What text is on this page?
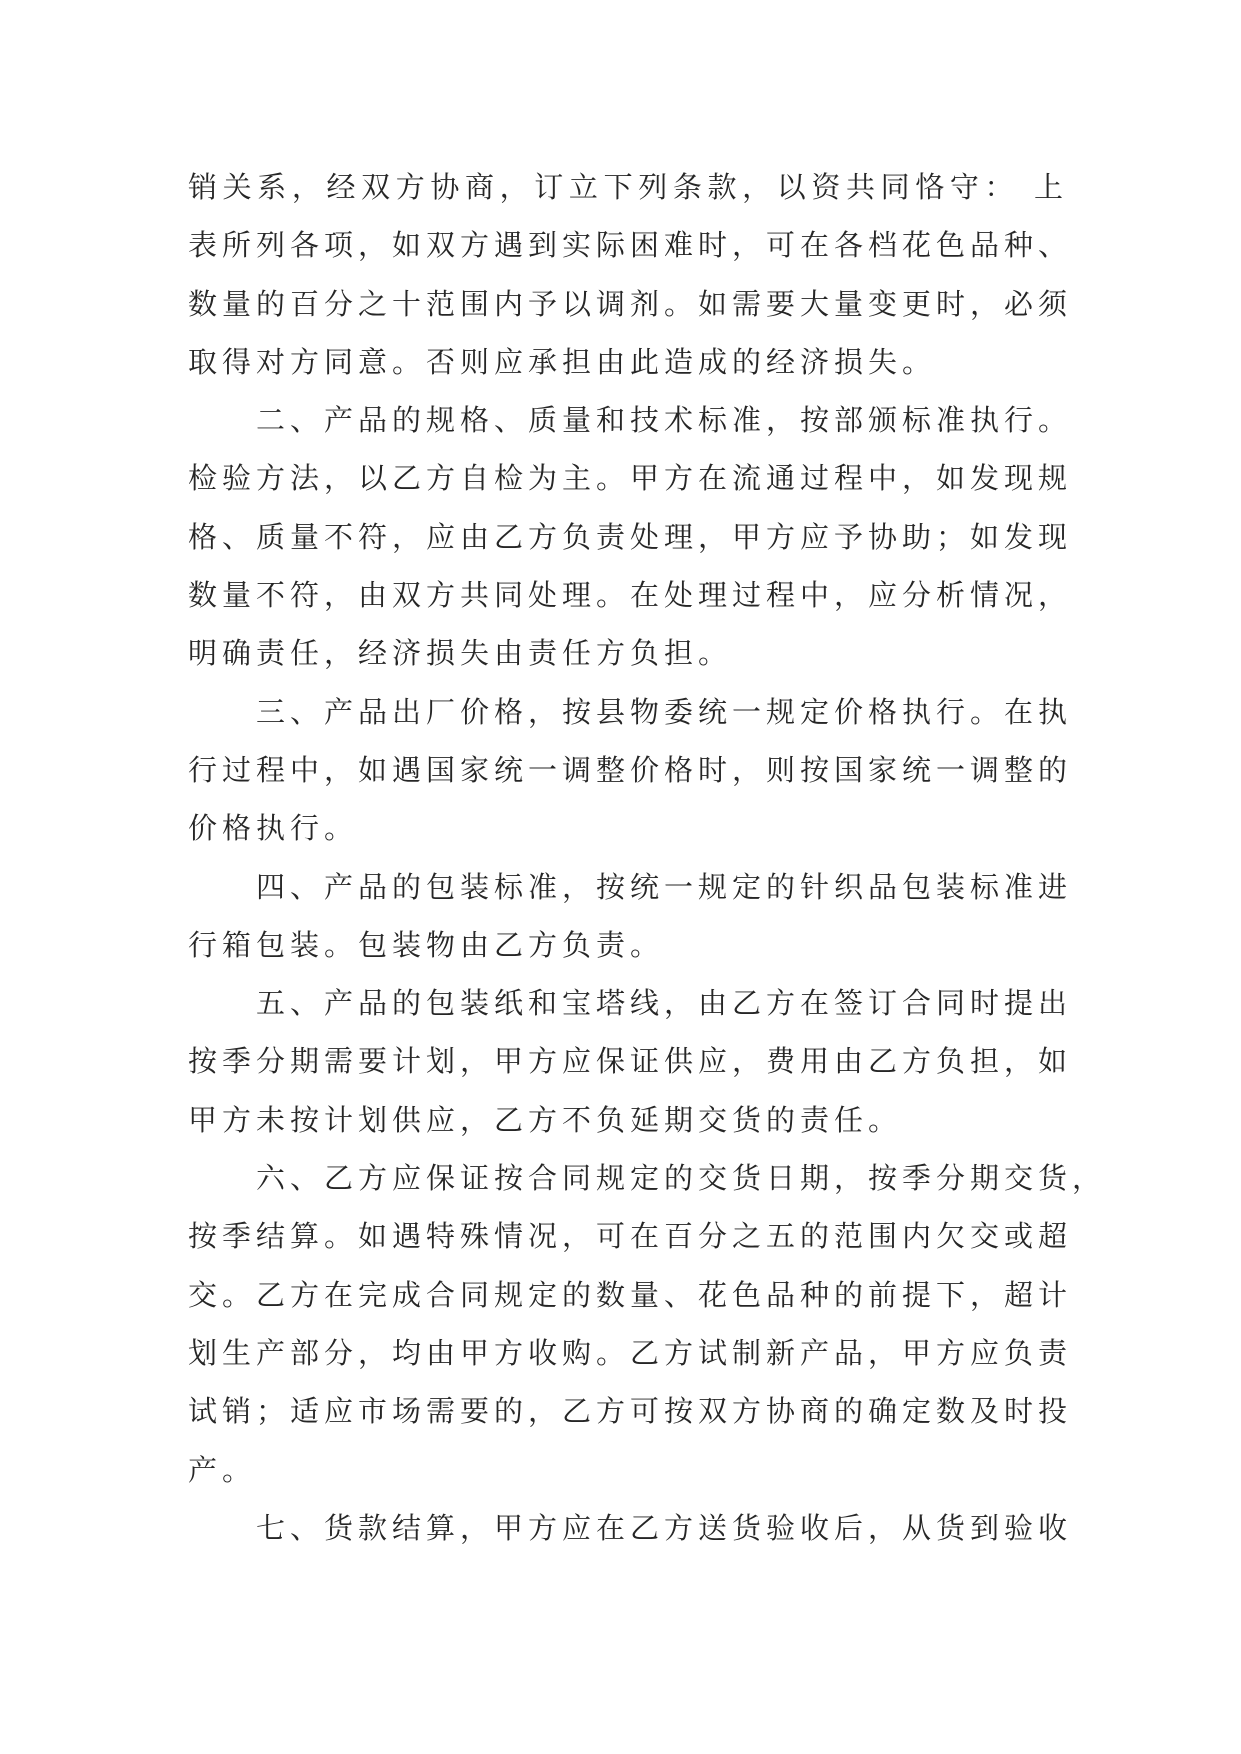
销关系，经双方协商，订立下列条款，以资共同恪守： 上
表所列各项，如双方遇到实际困难时，可在各档花色品种、
数量的百分之十范围内予以调剂。如需要大量变更时，必须
取得对方同意。否则应承担由此造成的经济损失。
二、产品的规格、质量和技术标准，按部颁标准执行。
检验方法，以乙方自检为主。甲方在流通过程中，如发现规
格、质量不符，应由乙方负责处理，甲方应予协助；如发现
数量不符，由双方共同处理。在处理过程中，应分析情况，
明确责任，经济损失由责任方负担。
三、产品出厂价格，按县物委统一规定价格执行。在执
行过程中，如遇国家统一调整价格时，则按国家统一调整的
价格执行。
四、产品的包装标准，按统一规定的针织品包装标准进
行箱包装。包装物由乙方负责。
五、产品的包装纸和宝塔线，由乙方在签订合同时提出
按季分期需要计划，甲方应保证供应，费用由乙方负担，如
甲方未按计划供应，乙方不负延期交货的责任。
六、乙方应保证按合同规定的交货日期，按季分期交货，
按季结算。如遇特殊情况，可在百分之五的范围内欠交或超
交。乙方在完成合同规定的数量、花色品种的前提下，超计
划生产部分，均由甲方收购。乙方试制新产品，甲方应负责
试销；适应市场需要的，乙方可按双方协商的确定数及时投
产。
七、货款结算，甲方应在乙方送货验收后，从货到验收
